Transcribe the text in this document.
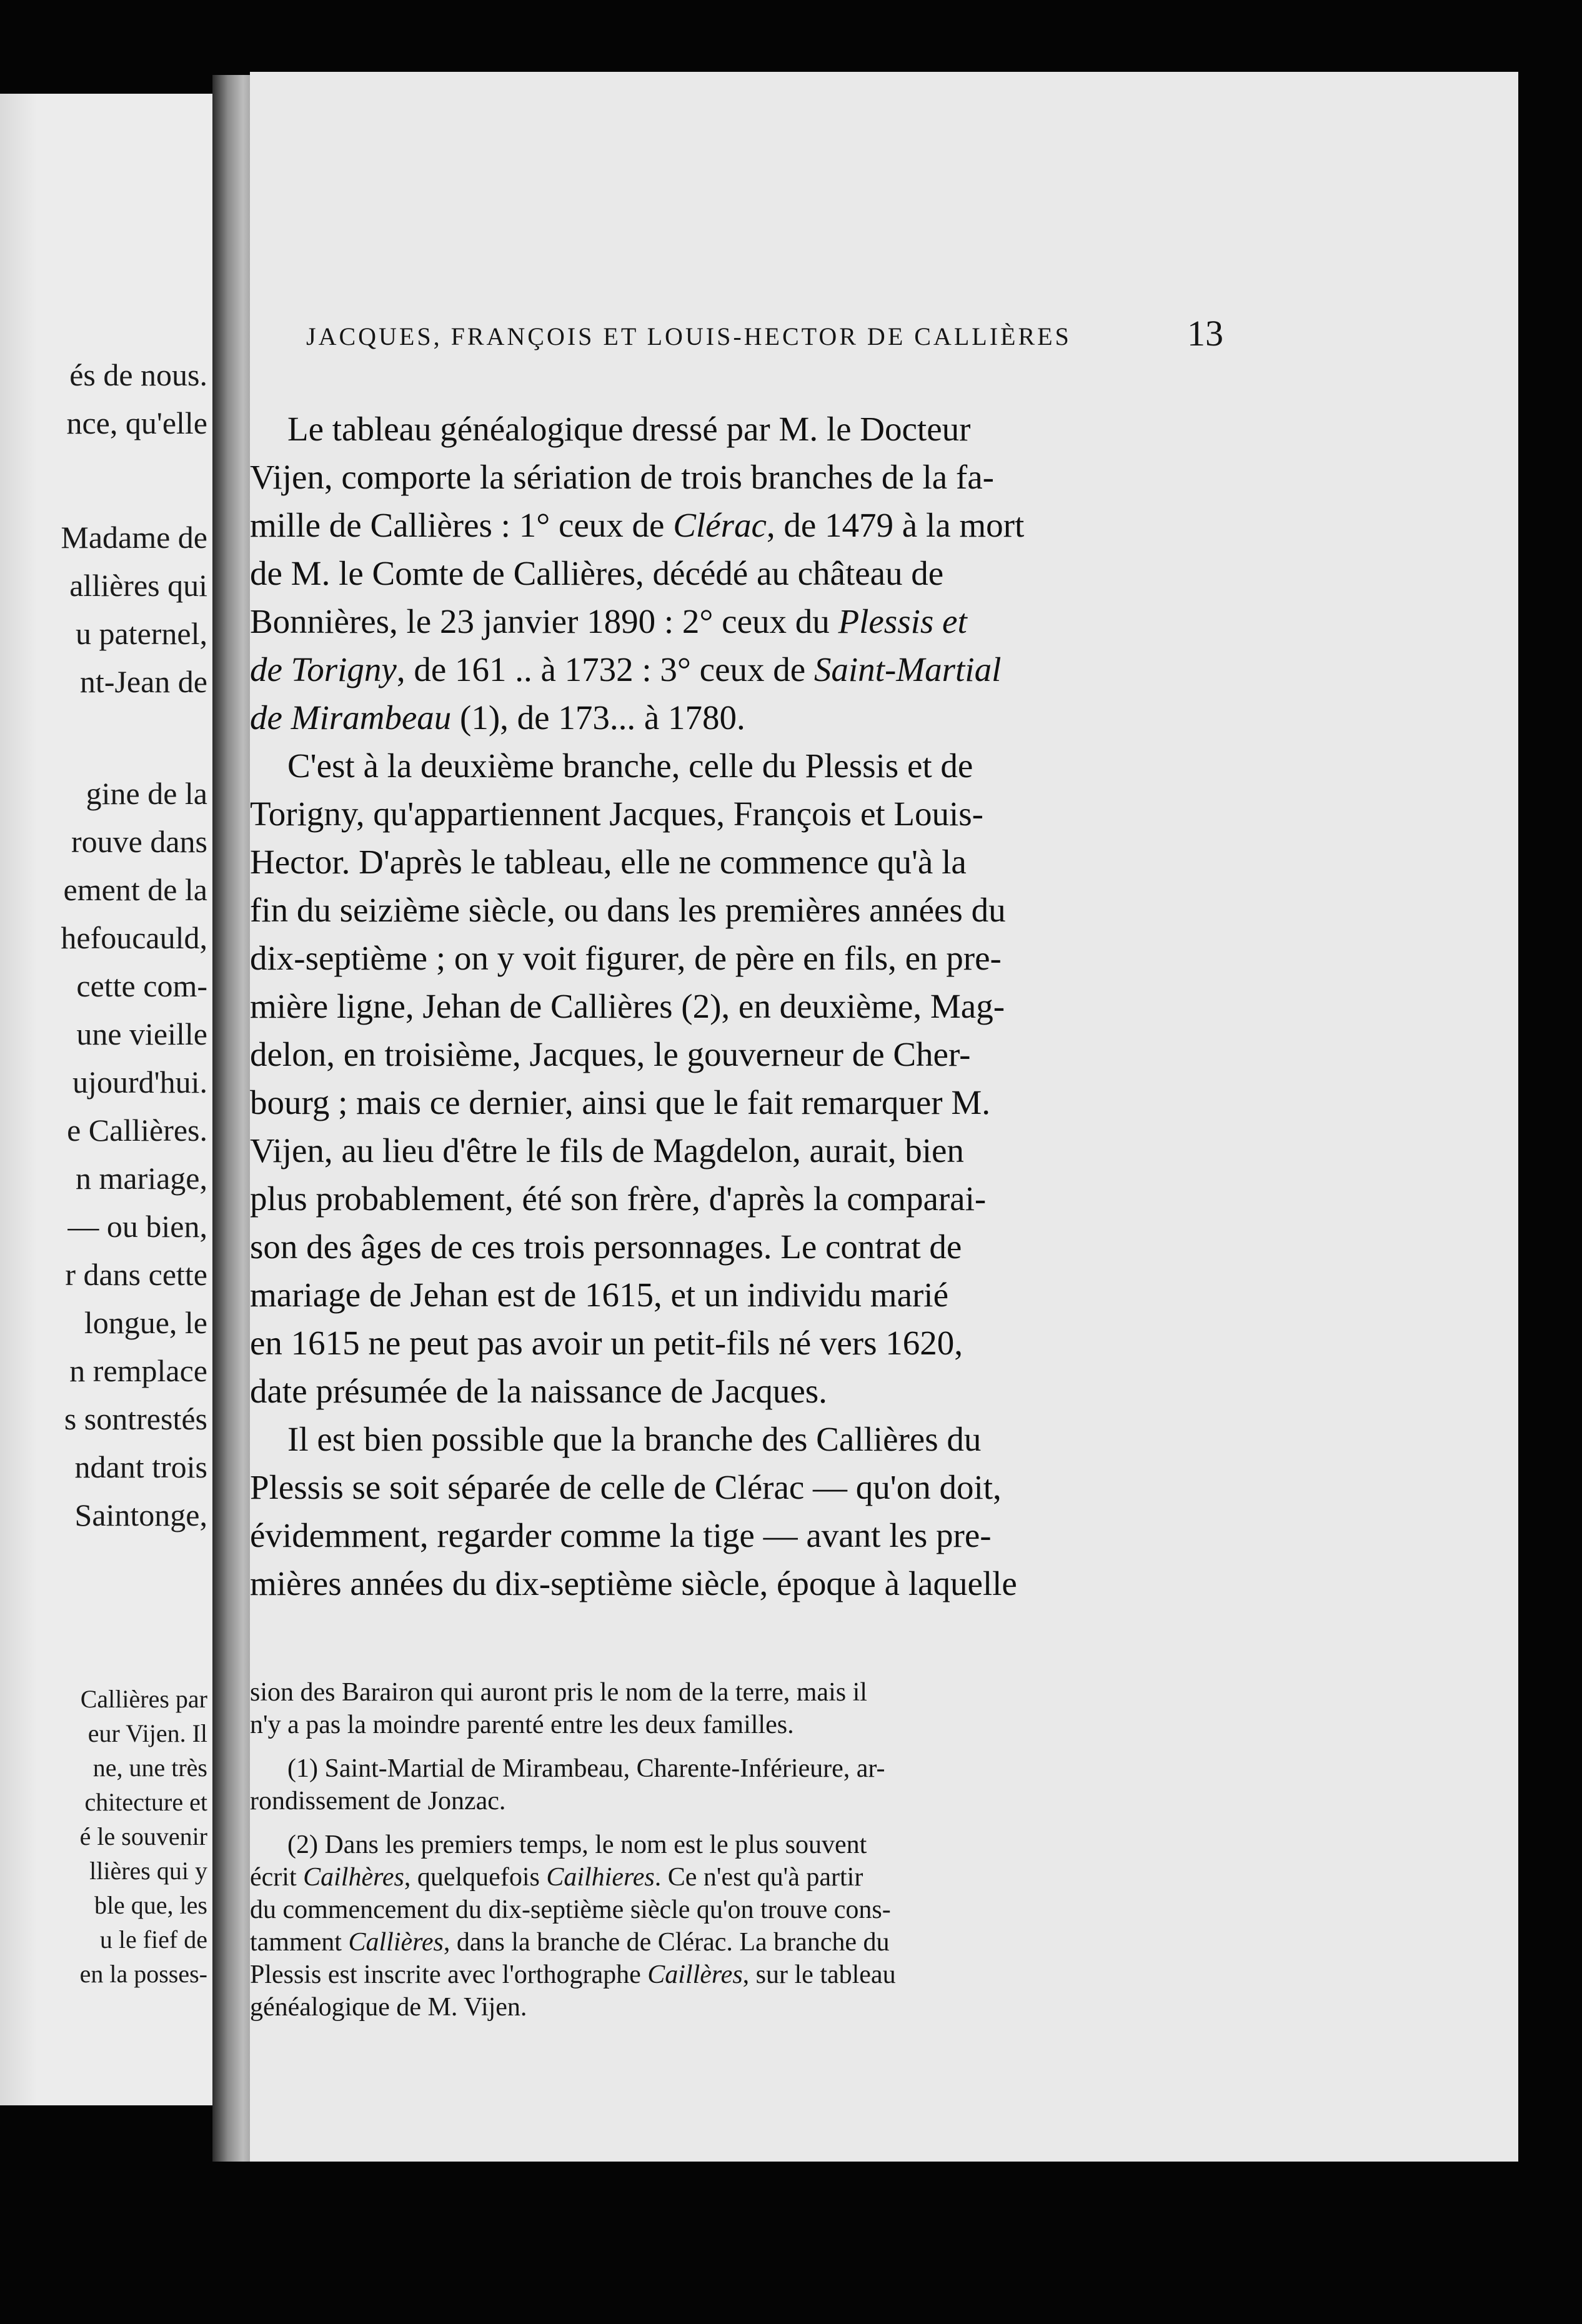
és de nous.
nce, qu'elle
Madame de
allières qui
u paternel,
nt-Jean de
gine de la
rouve dans
ement de la
hefoucauld,
cette com-
une vieille
ujourd'hui.
e Callières.
n mariage,
— ou bien,
r dans cette
longue, le
n remplace
s sontrestés
ndant trois
Saintonge,
Callières par
eur Vijen. Il
ne, une très
chitecture et
é le souvenir
llières qui y
ble que, les
u le fief de
en la posses-
JACQUES, FRANÇOIS ET LOUIS-HECTOR DE CALLIÈRES	13
Le tableau généalogique dressé par M. le Docteur
Vijen, comporte la sériation de trois branches de la fa-
mille de Callières : 1° ceux de Clérac, de 1479 à la mort
de M. le Comte de Callières, décédé au château de
Bonnières, le 23 janvier 1890 : 2° ceux du Plessis et
de Torigny, de 161 .. à 1732 : 3° ceux de Saint-Martial
de Mirambeau (1), de 173... à 1780.
C'est à la deuxième branche, celle du Plessis et de
Torigny, qu'appartiennent Jacques, François et Louis-
Hector. D'après le tableau, elle ne commence qu'à la
fin du seizième siècle, ou dans les premières années du
dix-septième ; on y voit figurer, de père en fils, en pre-
mière ligne, Jehan de Callières (2), en deuxième, Mag-
delon, en troisième, Jacques, le gouverneur de Cher-
bourg ; mais ce dernier, ainsi que le fait remarquer M.
Vijen, au lieu d'être le fils de Magdelon, aurait, bien
plus probablement, été son frère, d'après la comparai-
son des âges de ces trois personnages. Le contrat de
mariage de Jehan est de 1615, et un individu marié
en 1615 ne peut pas avoir un petit-fils né vers 1620,
date présumée de la naissance de Jacques.
Il est bien possible que la branche des Callières du
Plessis se soit séparée de celle de Clérac — qu'on doit,
évidemment, regarder comme la tige — avant les pre-
mières années du dix-septième siècle, époque à laquelle
sion des Barairon qui auront pris le nom de la terre, mais il
n'y a pas la moindre parenté entre les deux familles.
(1) Saint-Martial de Mirambeau, Charente-Inférieure, ar-
rondissement de Jonzac.
(2) Dans les premiers temps, le nom est le plus souvent
écrit Cailhères, quelquefois Cailhieres. Ce n'est qu'à partir
du commencement du dix-septième siècle qu'on trouve cons-
tamment Callières, dans la branche de Clérac. La branche du
Plessis est inscrite avec l'orthographe Caillères, sur le tableau
généalogique de M. Vijen.
